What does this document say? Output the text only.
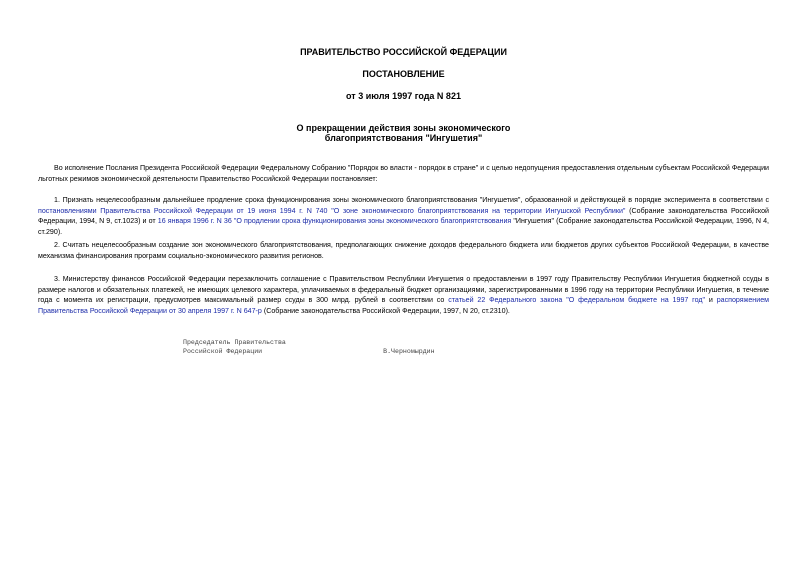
ПРАВИТЕЛЬСТВО РОССИЙСКОЙ ФЕДЕРАЦИИ
ПОСТАНОВЛЕНИЕ
от 3 июля 1997 года N 821
О прекращении действия зоны экономического
благоприятствования "Ингушетия"

Во исполнение Послания Президента Российской Федерации Федеральному Собранию "Порядок во власти - порядок в стране" и с целью недопущения предоставления отдельным субъектам Российской Федерации льготных режимов экономической деятельности Правительство Российской Федерации постановляет:

1. Признать нецелесообразным дальнейшее продление срока функционирования зоны экономического благоприятствования "Ингушетия", образованной и действующей в порядке эксперимента в соответствии с постановлениями Правительства Российской Федерации от 19 июня 1994 г. N 740 "О зоне экономического благоприятствования на территории Ингушской Республики" (Собрание законодательства Российской Федерации, 1994, N 9, ст.1023) и от 16 января 1996 г. N 36 "О продлении срока функционирования зоны экономического благоприятствования "Ингушетия" (Собрание законодательства Российской Федерации, 1996, N 4, ст.290).

2. Считать нецелесообразным создание зон экономического благоприятствования, предполагающих снижение доходов федерального бюджета или бюджетов других субъектов Российской Федерации, в качестве механизма финансирования программ социально-экономического развития регионов.

3. Министерству финансов Российской Федерации перезаключить соглашение с Правительством Республики Ингушетия о предоставлении в 1997 году Правительству Республики Ингушетия бюджетной ссуды в размере налогов и обязательных платежей, не имеющих целевого характера, уплачиваемых в федеральный бюджет организациями, зарегистрированными в 1996 году на территории Республики Ингушетия, в течение года с момента их регистрации, предусмотрев максимальный размер ссуды в 300 млрд. рублей в соответствии со статьей 22 Федерального закона "О федеральном бюджете на 1997 год" и распоряжением Правительства Российской Федерации от 30 апреля 1997 г. N 647-р (Собрание законодательства Российской Федерации, 1997, N 20, ст.2310).

Председатель Правительства
Российской Федерации	В.Черномырдин
